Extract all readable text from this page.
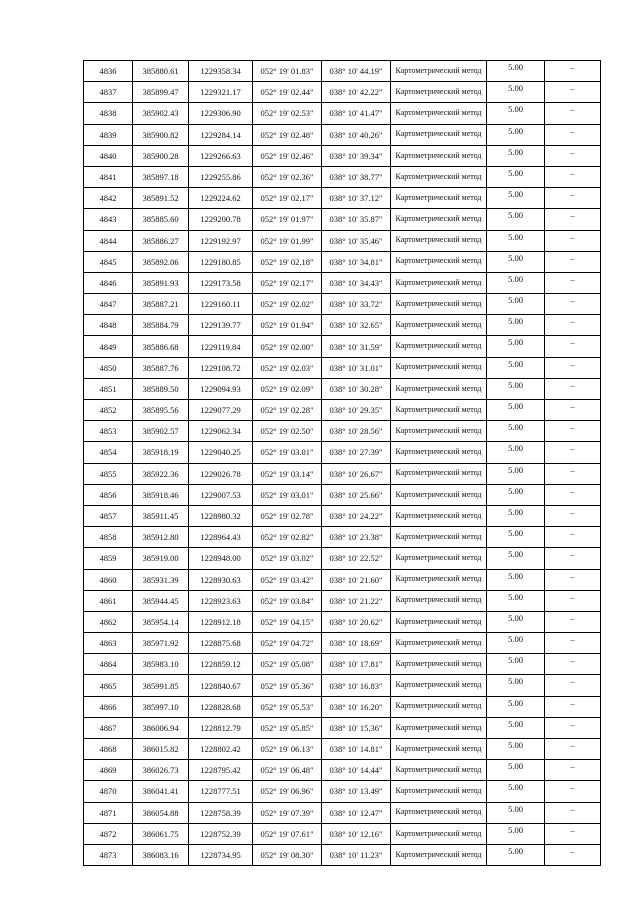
4836	385880.61	1229358.34	052° 19' 01.83"	038° 10' 44.19"	Картометрический метод	5.00	–
4837	385899.47	1229321.17	052° 19' 02.44"	038° 10' 42.22"	Картометрический метод	5.00	–
4838	385902.43	1229306.90	052° 19' 02.53"	038° 10' 41.47"	Картометрический метод	5.00	–
4839	385900.82	1229284.14	052° 19' 02.48"	038° 10' 40.26"	Картометрический метод	5.00	–
4840	385900.28	1229266.63	052° 19' 02.46"	038° 10' 39.34"	Картометрический метод	5.00	–
4841	385897.18	1229255.86	052° 19' 02.36"	038° 10' 38.77"	Картометрический метод	5.00	–
4842	385891.52	1229224.62	052° 19' 02.17"	038° 10' 37.12"	Картометрический метод	5.00	–
4843	385885.60	1229200.78	052° 19' 01.97"	038° 10' 35.87"	Картометрический метод	5.00	–
4844	385886.27	1229192.97	052° 19' 01.99"	038° 10' 35.46"	Картометрический метод	5.00	–
4845	385892.06	1229180.85	052° 19' 02.18"	038° 10' 34.81"	Картометрический метод	5.00	–
4846	385891.93	1229173.58	052° 19' 02.17"	038° 10' 34.43"	Картометрический метод	5.00	–
4847	385887.21	1229160.11	052° 19' 02.02"	038° 10' 33.72"	Картометрический метод	5.00	–
4848	385884.79	1229139.77	052° 19' 01.94"	038° 10' 32.65"	Картометрический метод	5.00	–
4849	385886.68	1229119.84	052° 19' 02.00"	038° 10' 31.59"	Картометрический метод	5.00	–
4850	385887.76	1229108.72	052° 19' 02.03"	038° 10' 31.01"	Картометрический метод	5.00	–
4851	385889.50	1229094.93	052° 19' 02.09"	038° 10' 30.28"	Картометрический метод	5.00	–
4852	385895.56	1229077.29	052° 19' 02.28"	038° 10' 29.35"	Картометрический метод	5.00	–
4853	385902.57	1229062.34	052° 19' 02.50"	038° 10' 28.56"	Картометрический метод	5.00	–
4854	385918.19	1229040.25	052° 19' 03.01"	038° 10' 27.39"	Картометрический метод	5.00	–
4855	385922.36	1229026.78	052° 19' 03.14"	038° 10' 26.67"	Картометрический метод	5.00	–
4856	385918.46	1229007.53	052° 19' 03.01"	038° 10' 25.66"	Картометрический метод	5.00	–
4857	385911.45	1228980.32	052° 19' 02.78"	038° 10' 24.22"	Картометрический метод	5.00	–
4858	385912.80	1228964.43	052° 19' 02.82"	038° 10' 23.38"	Картометрический метод	5.00	–
4859	385919.00	1228948.00	052° 19' 03.02"	038° 10' 22.52"	Картометрический метод	5.00	–
4860	385931.39	1228930.63	052° 19' 03.42"	038° 10' 21.60"	Картометрический метод	5.00	–
4861	385944.45	1228923.63	052° 19' 03.84"	038° 10' 21.22"	Картометрический метод	5.00	–
4862	385954.14	1228912.18	052° 19' 04.15"	038° 10' 20.62"	Картометрический метод	5.00	–
4863	385971.92	1228875.68	052° 19' 04.72"	038° 10' 18.69"	Картометрический метод	5.00	–
4864	385983.10	1228859.12	052° 19' 05.08"	038° 10' 17.81"	Картометрический метод	5.00	–
4865	385991.85	1228840.67	052° 19' 05.36"	038° 10' 16.83"	Картометрический метод	5.00	–
4866	385997.10	1228828.68	052° 19' 05.53"	038° 10' 16.20"	Картометрический метод	5.00	–
4867	386006.94	1228812.79	052° 19' 05.85"	038° 10' 15.36"	Картометрический метод	5.00	–
4868	386015.82	1228802.42	052° 19' 06.13"	038° 10' 14.81"	Картометрический метод	5.00	–
4869	386026.73	1228795.42	052° 19' 06.48"	038° 10' 14.44"	Картометрический метод	5.00	–
4870	386041.41	1228777.51	052° 19' 06.96"	038° 10' 13.49"	Картометрический метод	5.00	–
4871	386054.88	1228758.39	052° 19' 07.39"	038° 10' 12.47"	Картометрический метод	5.00	–
4872	386061.75	1228752.39	052° 19' 07.61"	038° 10' 12.16"	Картометрический метод	5.00	–
4873	386083.16	1228734.95	052° 19' 08.30"	038° 10' 11.23"	Картометрический метод	5.00	–
